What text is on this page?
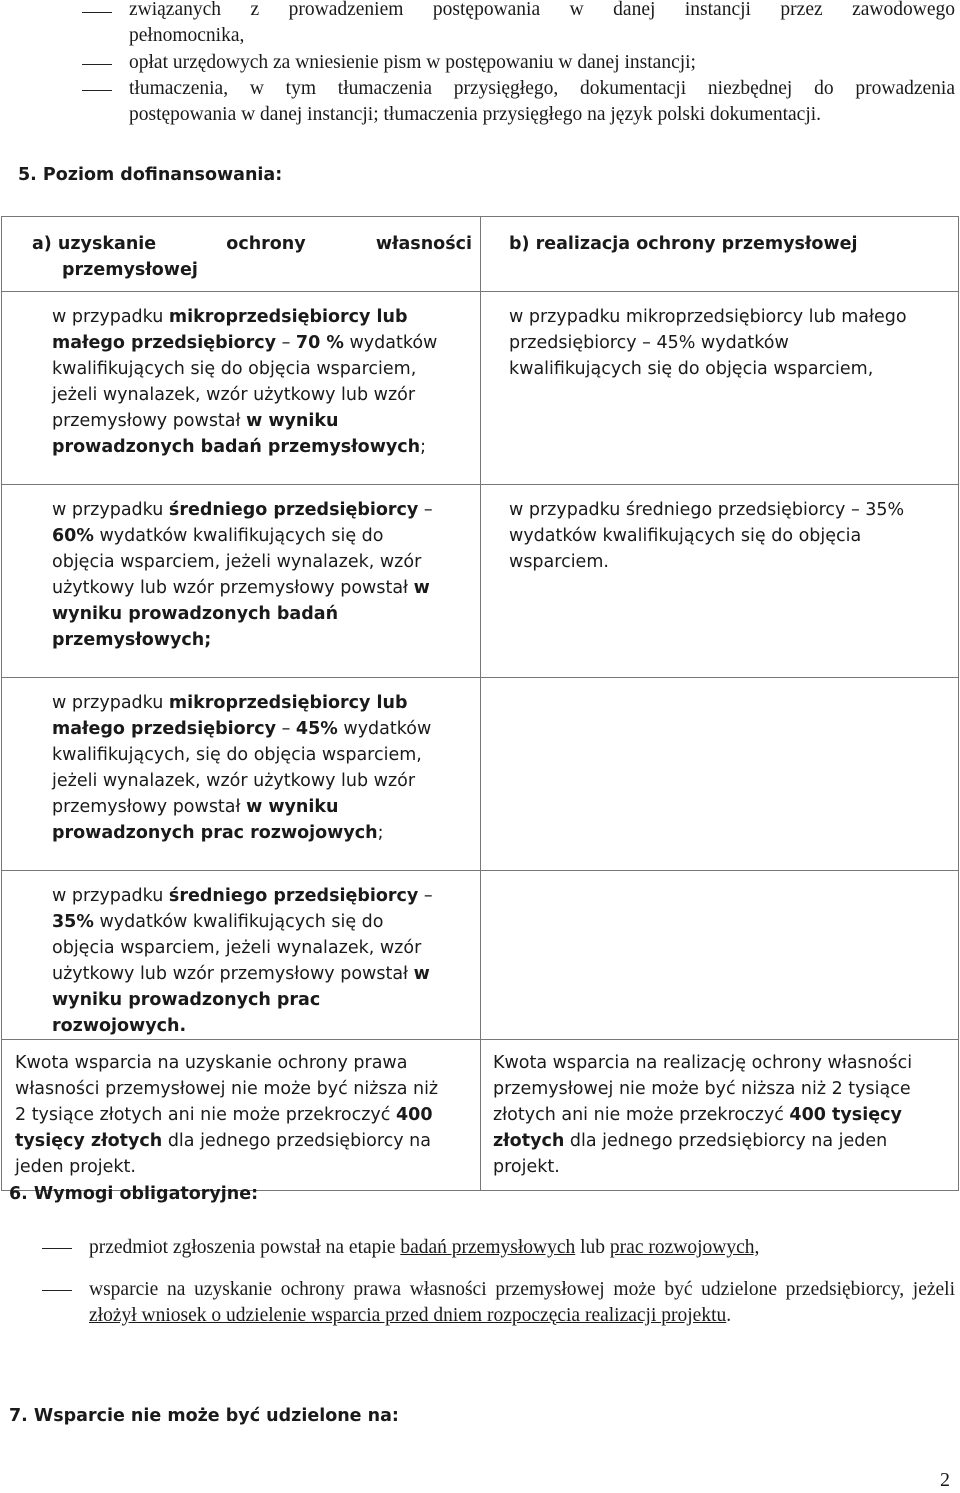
związanych z prowadzeniem postępowania w danej instancji przez zawodowego
pełnomocnika,
opłat urzędowych za wniesienie pism w postępowaniu w danej instancji;
tłumaczenia, w tym tłumaczenia przysięgłego, dokumentacji niezbędnej do prowadzenia
postępowania w danej instancji; tłumaczenia przysięgłego na język polski dokumentacji.
5. Poziom dofinansowania:
a) uzyskanie ochrony własności
przemysłowej	b) realizacja ochrony przemysłowej

w przypadku mikroprzedsiębiorcy lub małego przedsiębiorcy – 70 % wydatków kwalifikujących się do objęcia wsparciem, jeżeli wynalazek, wzór użytkowy lub wzór przemysłowy powstał w wyniku prowadzonych badań przemysłowych;	w przypadku mikroprzedsiębiorcy lub małego przedsiębiorcy – 45% wydatków kwalifikujących się do objęcia wsparciem,

w przypadku średniego przedsiębiorcy – 60% wydatków kwalifikujących się do objęcia wsparciem, jeżeli wynalazek, wzór użytkowy lub wzór przemysłowy powstał w wyniku prowadzonych badań przemysłowych;	w przypadku średniego przedsiębiorcy – 35% wydatków kwalifikujących się do objęcia wsparciem.

w przypadku mikroprzedsiębiorcy lub małego przedsiębiorcy – 45% wydatków kwalifikujących, się do objęcia wsparciem, jeżeli wynalazek, wzór użytkowy lub wzór przemysłowy powstał w wyniku prowadzonych prac rozwojowych;	

w przypadku średniego przedsiębiorcy – 35% wydatków kwalifikujących się do objęcia wsparciem, jeżeli wynalazek, wzór użytkowy lub wzór przemysłowy powstał w wyniku prowadzonych prac rozwojowych.	

Kwota wsparcia na uzyskanie ochrony prawa własności przemysłowej nie może być niższa niż 2 tysiące złotych ani nie może przekroczyć 400 tysięcy złotych dla jednego przedsiębiorcy na jeden projekt.	Kwota wsparcia na realizację ochrony własności przemysłowej nie może być niższa niż 2 tysiące złotych ani nie może przekroczyć 400 tysięcy złotych dla jednego przedsiębiorcy na jeden projekt.

6. Wymogi obligatoryjne:
przedmiot zgłoszenia powstał na etapie badań przemysłowych lub prac rozwojowych,
wsparcie na uzyskanie ochrony prawa własności przemysłowej może być udzielone przedsiębiorcy, jeżeli złożył wniosek o udzielenie wsparcia przed dniem rozpoczęcia realizacji projektu.
7. Wsparcie nie może być udzielone na:
2
